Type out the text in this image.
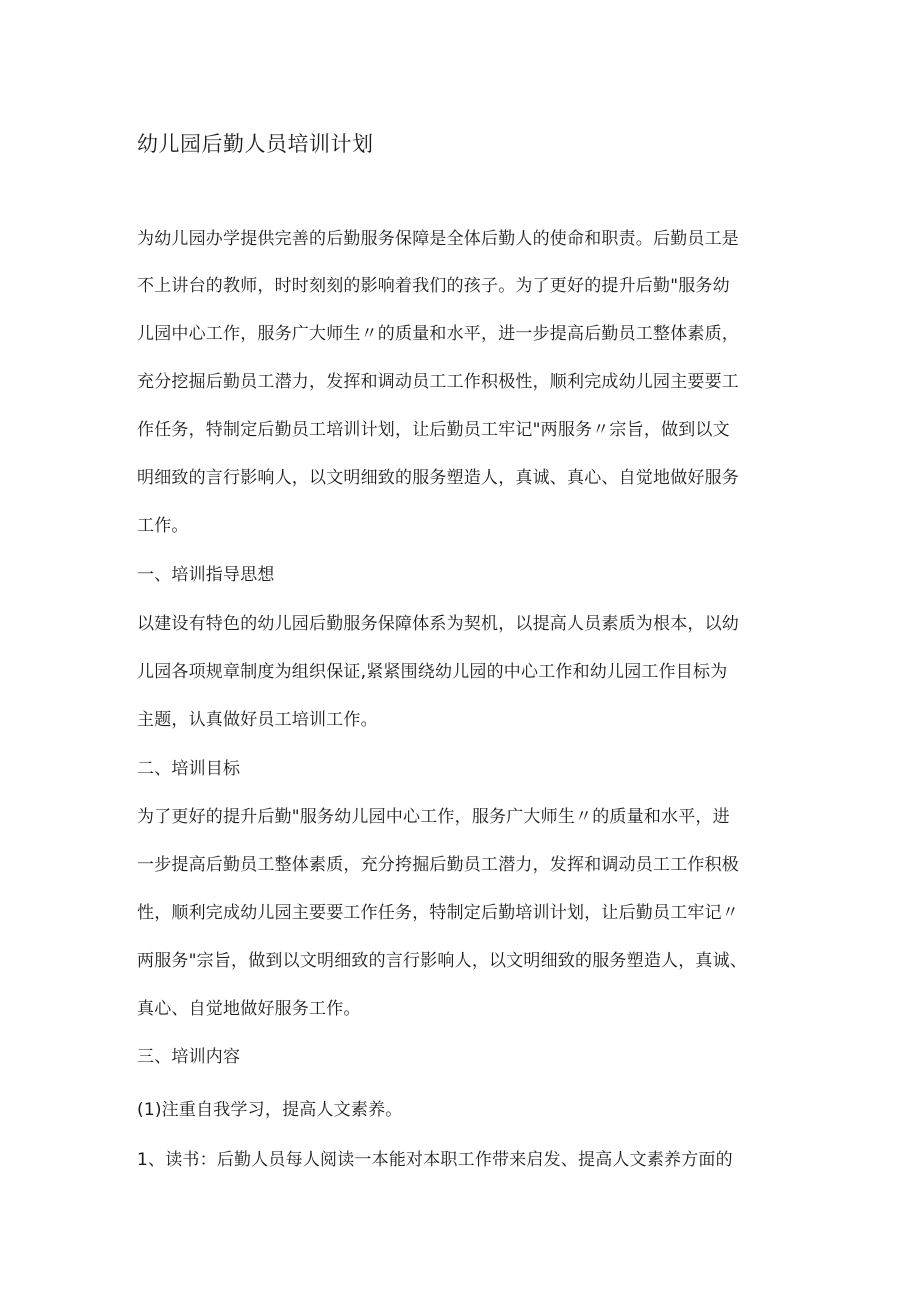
幼儿园后勤人员培训计划

为幼儿园办学提供完善的后勤服务保障是全体后勤人的使命和职责。后勤员工是

不上讲台的教师，时时刻刻的影响着我们的孩子。为了更好的提升后勤"服务幼

儿园中心工作，服务广大师生〃的质量和水平，进一步提高后勤员工整体素质，

充分挖掘后勤员工潜力，发挥和调动员工工作积极性，顺利完成幼儿园主要要工

作任务，特制定后勤员工培训计划，让后勤员工牢记"两服务〃宗旨，做到以文

明细致的言行影响人，以文明细致的服务塑造人，真诚、真心、自觉地做好服务

工作。

一、培训指导思想

以建设有特色的幼儿园后勤服务保障体系为契机，以提高人员素质为根本，以幼

儿园各项规章制度为组织保证,紧紧围绕幼儿园的中心工作和幼儿园工作目标为

主题，认真做好员工培训工作。

二、培训目标

为了更好的提升后勤"服务幼儿园中心工作，服务广大师生〃的质量和水平，进

一步提高后勤员工整体素质，充分挎掘后勤员工潜力，发挥和调动员工工作积极

性，顺利完成幼儿园主要要工作任务，特制定后勤培训计划，让后勤员工牢记〃

两服务"宗旨，做到以文明细致的言行影响人，以文明细致的服务塑造人，真诚、

真心、自觉地做好服务工作。

三、培训内容

(1)注重自我学习，提高人文素养。

1、读书：后勤人员每人阅读一本能对本职工作带来启发、提高人文素养方面的
